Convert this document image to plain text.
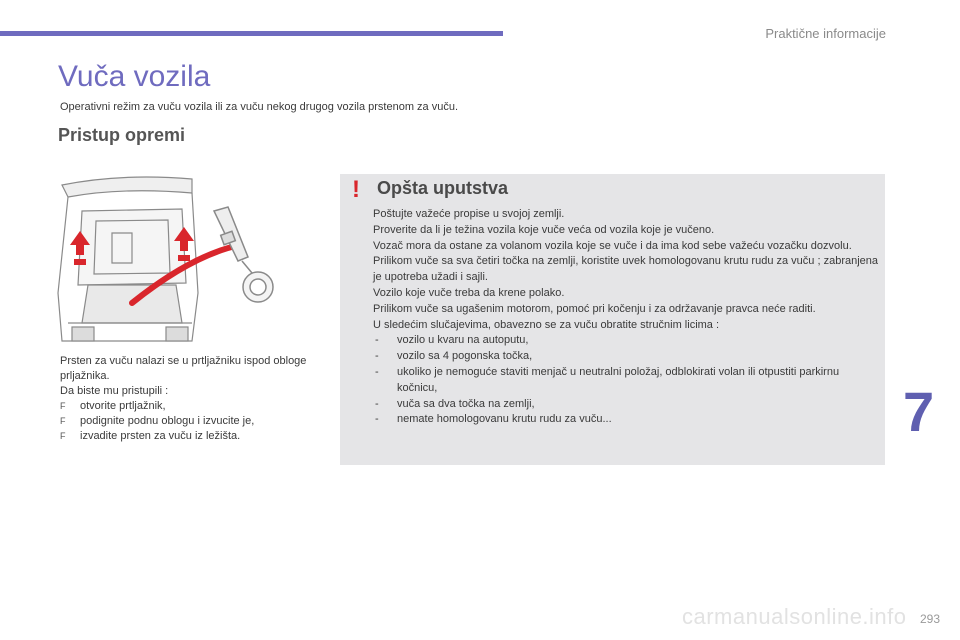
Praktične informacije
Vuča vozila
Operativni režim za vuču vozila ili za vuču nekog drugog vozila prstenom za vuču.
Pristup opremi

Prsten za vuču nalazi se u prtljažniku ispod obloge prljažnika.

Da biste mu pristupili :

F otvorite prtljažnik,
F podignite podnu oblogu i izvucite je,
F izvadite prsten za vuču iz ležišta.
! Opšta uputstva

Poštujte važeće propise u svojoj zemlji.

Proverite da li je težina vozila koje vuče veća od vozila koje je vučeno.

Vozač mora da ostane za volanom vozila koje se vuče i da ima kod sebe važeću vozačku dozvolu.

Prilikom vuče sa sva četiri točka na zemlji, koristite uvek homologovanu krutu rudu za vuču ; zabranjena je upotreba užadi i sajli.

Vozilo koje vuče treba da krene polako.

Prilikom vuče sa ugašenim motorom, pomoć pri kočenju i za održavanje pravca neće raditi.

U sledećim slučajevima, obavezno se za vuču obratite stručnim licima :

- vozilo u kvaru na autoputu,
- vozilo sa 4 pogonska točka,
- ukoliko je nemoguće staviti menjač u neutralni položaj, odblokirati volan ili otpustiti parkirnu kočnicu,
- vuča sa dva točka na zemlji,
- nemate homologovanu krutu rudu za vuču...	7
carmanualsonline.info 293
